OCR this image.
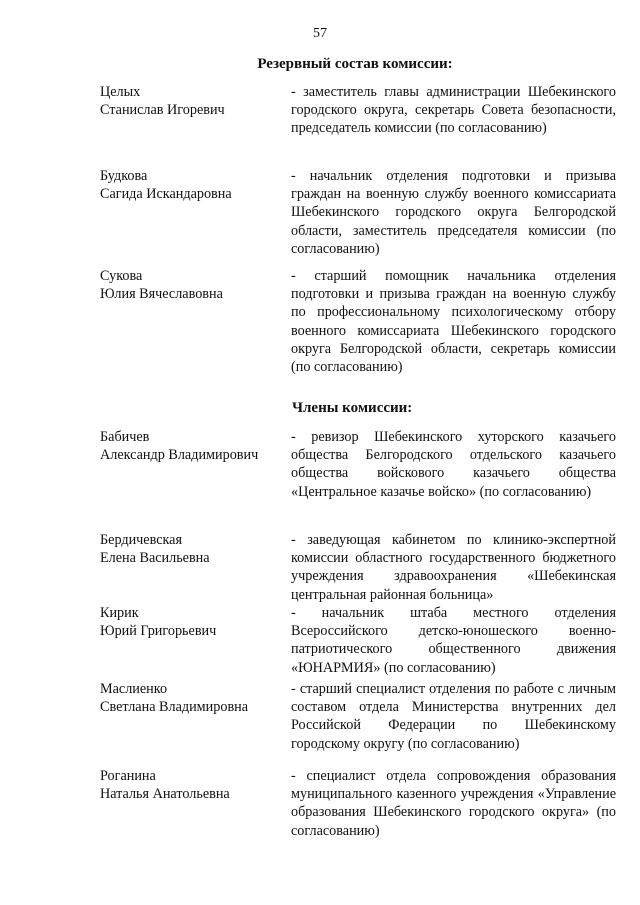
57
Резервный состав комиссии:
Целых
Станислав Игоревич
- заместитель главы администрации Шебекинского городского округа, секретарь Совета безопасности, председатель комиссии (по согласованию)
Будкова
Сагида Искандаровна
- начальник отделения подготовки и призыва граждан на военную службу военного комиссариата Шебекинского городского округа Белгородской области, заместитель председателя комиссии (по согласованию)
Сукова
Юлия Вячеславовна
- старший помощник начальника отделения подготовки и призыва граждан на военную службу по профессиональному психологическому отбору военного комиссариата Шебекинского городского округа Белгородской области, секретарь комиссии (по согласованию)
Члены комиссии:
Бабичев
Александр Владимирович
- ревизор Шебекинского хуторского казачьего общества Белгородского отдельского казачьего общества войскового казачьего общества «Центральное казачье войско» (по согласованию)
Бердичевская
Елена Васильевна
- заведующая кабинетом по клинико-экспертной комиссии областного государственного бюджетного учреждения здравоохранения «Шебекинская центральная районная больница»
Кирик
Юрий Григорьевич
- начальник штаба местного отделения Всероссийского детско-юношеского военно-патриотического общественного движения «ЮНАРМИЯ» (по согласованию)
Маслиенко
Светлана Владимировна
- старший специалист отделения по работе с личным составом отдела Министерства внутренних дел Российской Федерации по Шебекинскому городскому округу (по согласованию)
Роганина
Наталья Анатольевна
- специалист отдела сопровождения образования муниципального казенного учреждения «Управление образования Шебекинского городского округа» (по согласованию)
